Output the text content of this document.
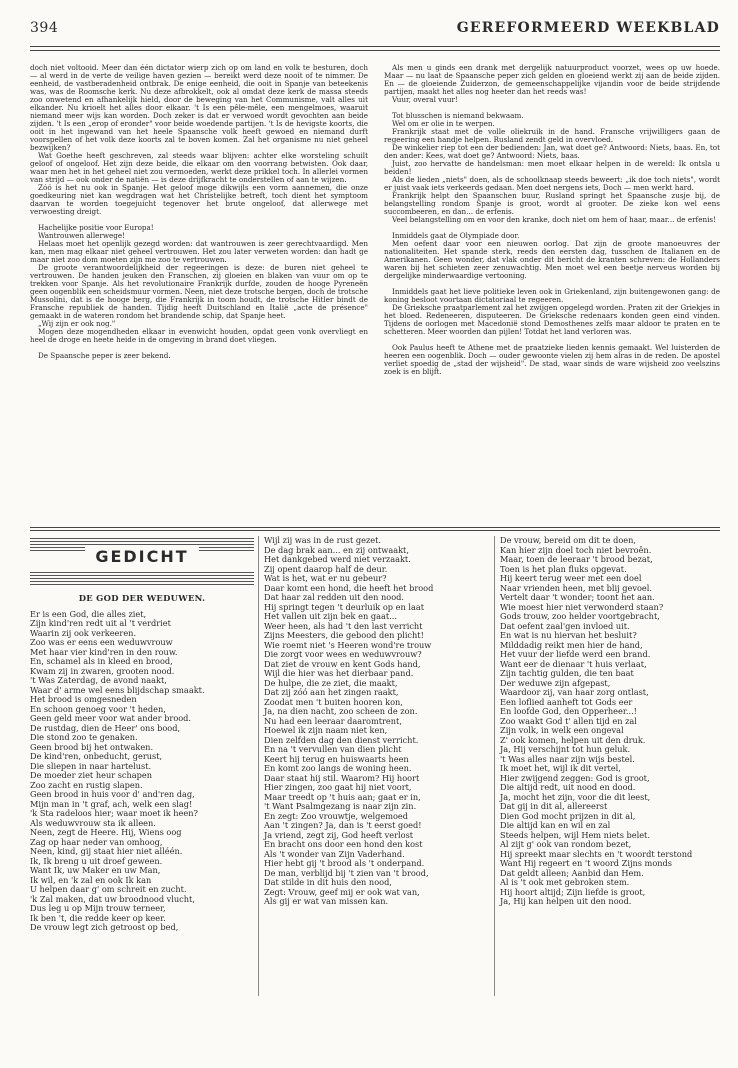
394	GEREFORMEERD WEEKBLAD

doch niet voltooid. Meer dan één dictator wierp zich op om land en volk te besturen, doch — al werd in de verte de veilige haven gezien — bereikt werd deze nooit of te nimmer. De eenheid, de vastberadenheid ontbrak. De enige eenheid, die ooit in Spanje van beteekenis was, was de Roomsche kerk. Nu deze afbrokkelt, ook al omdat deze kerk de massa steeds zoo onwetend en afhankelijk hield, door de beweging van het Communisme, valt alles uit elkander. Nu krioelt het alles door elkaar. 't Is een pêle-mêle, een mengelmoes, waaruit niemand meer wijs kan worden. Doch zeker is dat er verwoed wordt gevochten aan beide zijden. 't Is een „erop of eronder" voor beide woedende partijen. 't Is de hevigste koorts, die ooit in het ingewand van het heele Spaansche volk heeft gewoed en niemand durft voorspellen of het volk deze koorts zal te boven komen. Zal het organisme nu niet geheel bezwijken?

Wat Goethe heeft geschreven, zal steeds waar blijven: achter elke worsteling schuilt geloof of ongeloof. Het zijn deze beide, die elkaar om den voorrang betwisten. Ook daar, waar men het in het geheel niet zou vermoeden, werkt deze prikkel toch. In allerlei vormen van strijd — ook onder de natiën — is deze drijfkracht te onderstellen of aan te wijzen.

Zóó is het nu ook in Spanje. Het geloof moge dikwijls een vorm aannemen, die onze goedkeuring niet kan wegdragen wat het Christelijke betreft, toch dient het symptoom daarvan te worden toegejuicht tegenover het brute ongeloof, dat allerwege met verwoesting dreigt.

Hachelijke positie voor Europa!

Wantrouwen allerwege!

Helaas moet het openlijk gezegd worden: dat wantrouwen is zeer gerechtvaardigd. Men kan, men mag elkaar niet geheel vertrouwen. Het zou later verweten worden: dan hadt ge maar niet zoo dom moeten zijn me zoo te vertrouwen.

De groote verantwoordelijkheid der regeeringen is deze: de buren niet geheel te vertrouwen. De handen jeuken den Franschen, zij gloeien en blaken van vuur om op te trekken voor Spanje. Als het revolutionaire Frankrijk durfde, zouden de hooge Pyreneën geen oogenblik een scheidsmuur vormen. Neen, niet deze trotsche bergen, doch de trotsche Mussolini, dat is de hooge berg, die Frankrijk in toom houdt, de trotsche Hitler bindt de Fransche republiek de handen. Tijdig heeft Duitschland en Italië „acte de présence" gemaakt in de wateren rondom het brandende schip, dat Spanje heet.

„Wij zijn er ook nog."

Mogen deze mogendheden elkaar in evenwicht houden, opdat geen vonk overvliegt en heel de droge en heete heide in de omgeving in brand doet vliegen.

De Spaansche peper is zeer bekend.

Als men u ginds een drank met dergelijk natuurproduct voorzet, wees op uw hoede. Maar — nu laat de Spaansche peper zich gelden en gloeiend werkt zij aan de beide zijden. En — de gloeiende Zuiderzon, de gemeenschappelijke vijandin voor de beide strijdende partijen, maakt het alles nog heeter dan het reeds was!

Vuur, overal vuur!

Tot blusschen is niemand bekwaam.

Wel om er olie in te werpen.

Frankrijk staat met de volle oliekruik in de hand. Fransche vrijwilligers gaan de regeering een handje helpen. Rusland zendt geld in overvloed.

De winkelier riep tot een der bedienden: Jan, wat doet ge? Antwoord: Niets, baas. En, tot den ander: Kees, wat doet ge? Antwoord: Niets, baas.

Juist, zoo hervatte de handelsman: men moet elkaar helpen in de wereld: Ik ontsla u beiden!

Als de lieden „niets" doen, als de schoolknaap steeds beweert: „ik doe toch niets", wordt er juist vaak iets verkeerds gedaan. Men doet nergens iets, Doch — men werkt hard.

Frankrijk helpt den Spaanschen buur, Rusland springt het Spaansche zusje bij, de belangstelling rondom Spanje is groot, wordt al grooter. De zieke kon wel eens succombeeren, en dan... de erfenis.

Veel belangstelling om en voor den kranke, doch niet om hem of haar, maar... de erfenis!

Inmiddels gaat de Olympiade door.

Men oefent daar voor een nieuwen oorlog. Dat zijn de groote manoeuvres der nationaliteiten. Het spande sterk, reeds den eersten dag, tusschen de Italianen en de Amerikanen. Geen wonder, dat vlak onder dit bericht de kranten schreven: de Hollanders waren bij het schieten zeer zenuwachtig. Men moet wel een beetje nerveus worden bij dergelijke minderwaardige vertooning.

Inmiddels gaat het lieve politieke leven ook in Griekenland, zijn buitengewonen gang: de koning besloot voortaan dictatoriaal te regeeren.

De Grieksche praatparlement zal het zwijgen opgelegd worden. Praten zit der Griekjes in het bloed. Redeneeren, disputeeren. De Grieksche redenaars konden geen eind vinden. Tijdens de oorlogen met Macedonië stond Demosthenes zelfs maar aldoor te praten en te schetteren. Meer woorden dan pijlen! Totdat het land verloren was.

Ook Paulus heeft te Athene met de praatzieke lieden kennis gemaakt. Wel luisterden de heeren een oogenblik. Doch — ouder gewoonte vielen zij hem alras in de reden. De apostel verliet spoedig de „stad der wijsheid". De stad, waar sinds de ware wijsheid zoo veelszins zoek is en blijft.

GEDICHT
DE GOD DER WEDUWEN.
Er is een God, die alles ziet,
Zijn kind'ren redt uit al 't verdriet
Waarin zij ook verkeeren.
Zoo was er eens een weduwvrouw
Met haar vier kind'ren in den rouw.
En, schamel als in kleed en brood,
Kwam zij in zwaren, grooten nood.
't Was Zaterdag, de avond naakt,
Waar d' arme wel eens blijdschap smaakt.
Het brood is omgesneden
En schoon genoeg voor 't heden,
Geen geld meer voor wat ander brood.
De rustdag, dien de Heer' ons bood,
Die stond zoo te genaken.
Geen brood bij het ontwaken.
De kind'ren, onbeducht, gerust,
Die sliepen in naar hartelust.
De moeder ziet heur schapen
Zoo zacht en rustig slapen.
Geen brood in huis voor d' and'ren dag,
Mijn man in 't graf, ach, welk een slag!
'k Sta radeloos hier; waar moet ik heen?
Als weduwvrouw sta ik alleen.
Neen, zegt de Heere. Hij, Wiens oog
Zag op haar neder van omhoog,
Neen, kind, gij staat hier niet alléén.
Ik, Ik breng u uit droef geween.
Want Ik, uw Maker en uw Man,
Ik wil, en 'k zal en ook Ik kan
U helpen daar g' om schreit en zucht.
'k Zal maken, dat uw broodnood vlucht,
Dus leg u op Mijn trouw terneer,
Ik ben 't, die redde keer op keer.
De vrouw legt zich getroost op bed,
Wijl zij was in de rust gezet.
De dag brak aan... en zij ontwaakt,
Het dankgebed werd niet verzaakt.
Zij opent daarop half de deur.
Wat is het, wat er nu gebeur?
Daar komt een hond, die heeft het brood
Dat haar zal redden uit den nood.
Hij springt tegen 't deurluik op en laat
Het vallen uit zijn bek en gaat...
Weer heen, als had 't den last verricht
Zijns Meesters, die gebood den plicht!
Wie roemt niet 's Heeren wond're trouw
Die zorgt voor wees en weduwvrouw?
Dat ziet de vrouw en kent Gods hand,
Wijl die hier was het dierbaar pand.
De hulpe, die ze ziet, die maakt,
Dat zij zóó aan het zingen raakt,
Zoodat men 't buiten hooren kon,
Ja, na dien nacht, zoo scheen de zon.
Nu had een leeraar daaromtrent,
Hoewel ik zijn naam niet ken,
Dien zelfden dag den dienst verricht.
En na 't vervullen van dien plicht
Keert hij terug en huiswaarts heen
En komt zoo langs de woning heen.
Daar staat hij stil. Waarom? Hij hoort
Hier zingen, zoo gaat hij niet voort,
Maar treedt op 't huis aan; gaat er in,
't Want Psalmgezang is naar zijn zin.
En zegt: Zoo vrouwtje, welgemoed
Aan 't zingen? Ja, dan is 't eerst goed!
Ja vriend, zegt zij, God heeft verlost
En bracht ons door een hond den kost
Als 't wonder van Zijn Vaderhand.
Hier hebt gij 't brood als 't onderpand.
De man, verblijd bij 't zien van 't brood,
Dat stilde in dit huis den nood,
Zegt: Vrouw, geef mij er ook wat van,
Als gij er wat van missen kan.
De vrouw, bereid om dit te doen,
Kan hier zijn doel toch niet bevroên.
Maar, toen de leeraar 't brood bezat,
Toen is het plan fluks opgevat.
Hij keert terug weer met een doel
Naar vrienden heen, met blij gevoel.
Vertelt daar 't wonder; toont het aan.
Wie moest hier niet verwonderd staan?
Gods trouw, zoo helder voortgebracht,
Dat oefent zaal'gen invloed uit.
En wat is nu hiervan het besluit?
Milddadig reikt men hier de hand,
Het vuur der liefde werd een brand.
Want eer de dienaar 't huis verlaat,
Zijn tachtig gulden, die ten baat
Der weduwe zijn afgepast,
Waardoor zij, van haar zorg ontlast,
Een loflied aanheft tot Gods eer
En loofde God, den Opperheer...!
Zoo waakt God t' allen tijd en zal
Zijn volk, in welk een ongeval
Z' ook komen, helpen uit den druk.
Ja, Hij verschijnt tot hun geluk.
't Was alles naar zijn wijs bestel.
Ik moet het, wijl ik dit vertel,
Hier zwijgend zeggen: God is groot,
Die altijd redt, uit nood en dood.
Ja, mocht het zijn, voor die dit leest,
Dat gij in dit al, allereerst
Dien God mocht prijzen in dit al,
Die altijd kan en wil en zal
Steeds helpen, wijl Hem niets belet.
Al zijt g' ook van rondom bezet,
Hij spreekt maar slechts en 't woordt terstond
Want Hij regeert en 't woord Zijns monds
Dat geldt alleen; Aanbid dan Hem.
Al is 't ook met gebroken stem.
Hij hoort altijd; Zijn liefde is groot,
Ja, Hij kan helpen uit den nood.
